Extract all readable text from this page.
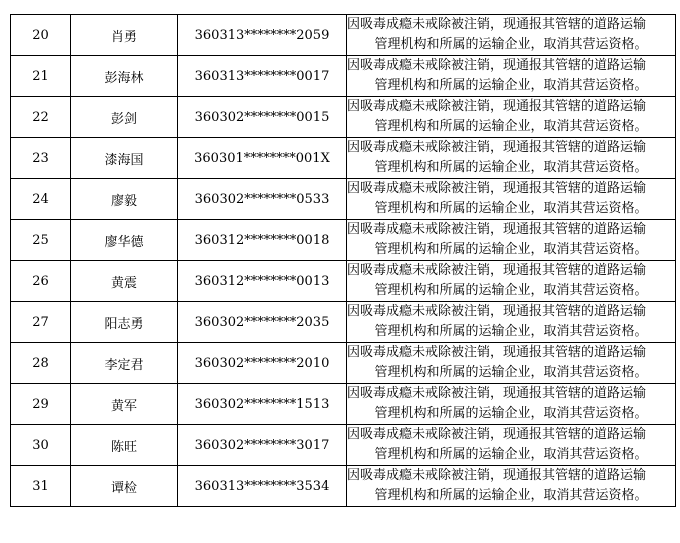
20	肖勇	360313********2059	因吸毒成瘾未戒除被注销，现通报其管辖的道路运输
管理机构和所属的运输企业，取消其营运资格。

21	彭海林	360313********0017	因吸毒成瘾未戒除被注销，现通报其管辖的道路运输
管理机构和所属的运输企业，取消其营运资格。

22	彭剑	360302********0015	因吸毒成瘾未戒除被注销，现通报其管辖的道路运输
管理机构和所属的运输企业，取消其营运资格。

23	漆海国	360301********001X	因吸毒成瘾未戒除被注销，现通报其管辖的道路运输
管理机构和所属的运输企业，取消其营运资格。

24	廖毅	360302********0533	因吸毒成瘾未戒除被注销，现通报其管辖的道路运输
管理机构和所属的运输企业，取消其营运资格。

25	廖华德	360312********0018	因吸毒成瘾未戒除被注销，现通报其管辖的道路运输
管理机构和所属的运输企业，取消其营运资格。

26	黄震	360312********0013	因吸毒成瘾未戒除被注销，现通报其管辖的道路运输
管理机构和所属的运输企业，取消其营运资格。

27	阳志勇	360302********2035	因吸毒成瘾未戒除被注销，现通报其管辖的道路运输
管理机构和所属的运输企业，取消其营运资格。

28	李定君	360302********2010	因吸毒成瘾未戒除被注销，现通报其管辖的道路运输
管理机构和所属的运输企业，取消其营运资格。

29	黄军	360302********1513	因吸毒成瘾未戒除被注销，现通报其管辖的道路运输
管理机构和所属的运输企业，取消其营运资格。

30	陈旺	360302********3017	因吸毒成瘾未戒除被注销，现通报其管辖的道路运输
管理机构和所属的运输企业，取消其营运资格。

31	谭检	360313********3534	因吸毒成瘾未戒除被注销，现通报其管辖的道路运输
管理机构和所属的运输企业，取消其营运资格。
